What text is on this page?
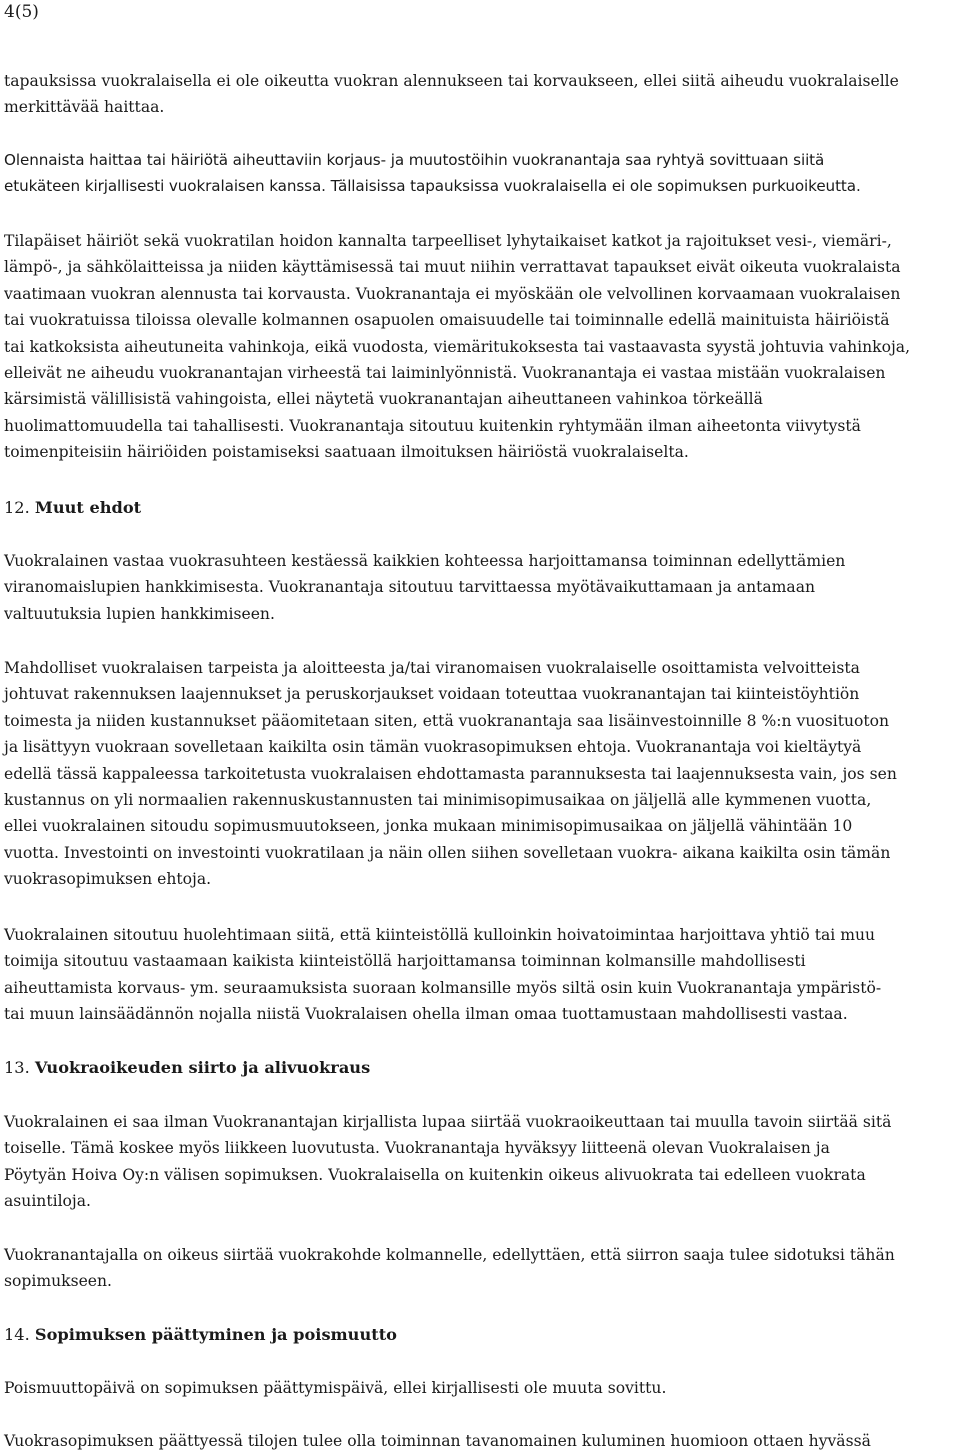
4(5)
tapauksissa vuokralaisella ei ole oikeutta vuokran alennukseen tai korvaukseen, ellei siitä aiheudu vuokralaiselle
merkittävää haittaa.
Olennaista haittaa tai häiriötä aiheuttaviin korjaus- ja muutostöihin vuokranantaja saa ryhtyä sovittuaan siitä
etukäteen kirjallisesti vuokralaisen kanssa. Tällaisissa tapauksissa vuokralaisella ei ole sopimuksen purkuoikeutta.
Tilapäiset häiriöt sekä vuokratilan hoidon kannalta tarpeelliset lyhytaikaiset katkot ja rajoitukset vesi-, viemäri-,
lämpö-, ja sähkölaitteissa ja niiden käyttämisessä tai muut niihin verrattavat tapaukset eivät oikeuta vuokralaista
vaatimaan vuokran alennusta tai korvausta. Vuokranantaja ei myöskään ole velvollinen korvaamaan vuokralaisen
tai vuokratuissa tiloissa olevalle kolmannen osapuolen omaisuudelle tai toiminnalle edellä mainituista häiriöistä
tai katkoksista aiheutuneita vahinkoja, eikä vuodosta, viemäritukoksesta tai vastaavasta syystä johtuvia vahinkoja,
elleivät ne aiheudu vuokranantajan virheestä tai laiminlyönnistä. Vuokranantaja ei vastaa mistään vuokralaisen
kärsimistä välillisistä vahingoista, ellei näytetä vuokranantajan aiheuttaneen vahinkoa törkeällä
huolimattomuudella tai tahallisesti. Vuokranantaja sitoutuu kuitenkin ryhtymään ilman aiheetonta viivytystä
toimenpiteisiin häiriöiden poistamiseksi saatuaan ilmoituksen häiriöstä vuokralaiselta.
12. Muut ehdot
Vuokralainen vastaa vuokrasuhteen kestäessä kaikkien kohteessa harjoittamansa toiminnan edellyttämien
viranomaislupien hankkimisesta. Vuokranantaja sitoutuu tarvittaessa myötävaikuttamaan ja antamaan
valtuutuksia lupien hankkimiseen.
Mahdolliset vuokralaisen tarpeista ja aloitteesta ja/tai viranomaisen vuokralaiselle osoittamista velvoitteista
johtuvat rakennuksen laajennukset ja peruskorjaukset voidaan toteuttaa vuokranantajan tai kiinteistöyhtiön
toimesta ja niiden kustannukset pääomitetaan siten, että vuokranantaja saa lisäinvestoinnille 8 %:n vuosituoton
ja lisättyyn vuokraan sovelletaan kaikilta osin tämän vuokrasopimuksen ehtoja. Vuokranantaja voi kieltäytyä
edellä tässä kappaleessa tarkoitetusta vuokralaisen ehdottamasta parannuksesta tai laajennuksesta vain, jos sen
kustannus on yli normaalien rakennuskustannusten tai minimisopimusaikaa on jäljellä alle kymmenen vuotta,
ellei vuokralainen sitoudu sopimusmuutokseen, jonka mukaan minimisopimusaikaa on jäljellä vähintään 10
vuotta. Investointi on investointi vuokratilaan ja näin ollen siihen sovelletaan vuokra- aikana kaikilta osin tämän
vuokrasopimuksen ehtoja.
Vuokralainen sitoutuu huolehtimaan siitä, että kiinteistöllä kulloinkin hoivatoimintaa harjoittava yhtiö tai muu
toimija sitoutuu vastaamaan kaikista kiinteistöllä harjoittamansa toiminnan kolmansille mahdollisesti
aiheuttamista korvaus- ym. seuraamuksista suoraan kolmansille myös siltä osin kuin Vuokranantaja ympäristö-
tai muun lainsäädännön nojalla niistä Vuokralaisen ohella ilman omaa tuottamustaan mahdollisesti vastaa.
13. Vuokraoikeuden siirto ja alivuokraus
Vuokralainen ei saa ilman Vuokranantajan kirjallista lupaa siirtää vuokraoikeuttaan tai muulla tavoin siirtää sitä
toiselle. Tämä koskee myös liikkeen luovutusta. Vuokranantaja hyväksyy liitteenä olevan Vuokralaisen ja
Pöytyän Hoiva Oy:n välisen sopimuksen. Vuokralaisella on kuitenkin oikeus alivuokrata tai edelleen vuokrata
asuintiloja.
Vuokranantajalla on oikeus siirtää vuokrakohde kolmannelle, edellyttäen, että siirron saaja tulee sidotuksi tähän
sopimukseen.
14. Sopimuksen päättyminen ja poismuutto
Poismuuttopäivä on sopimuksen päättymispäivä, ellei kirjallisesti ole muuta sovittu.
Vuokrasopimuksen päättyessä tilojen tulee olla toiminnan tavanomainen kuluminen huomioon ottaen hyvässä
